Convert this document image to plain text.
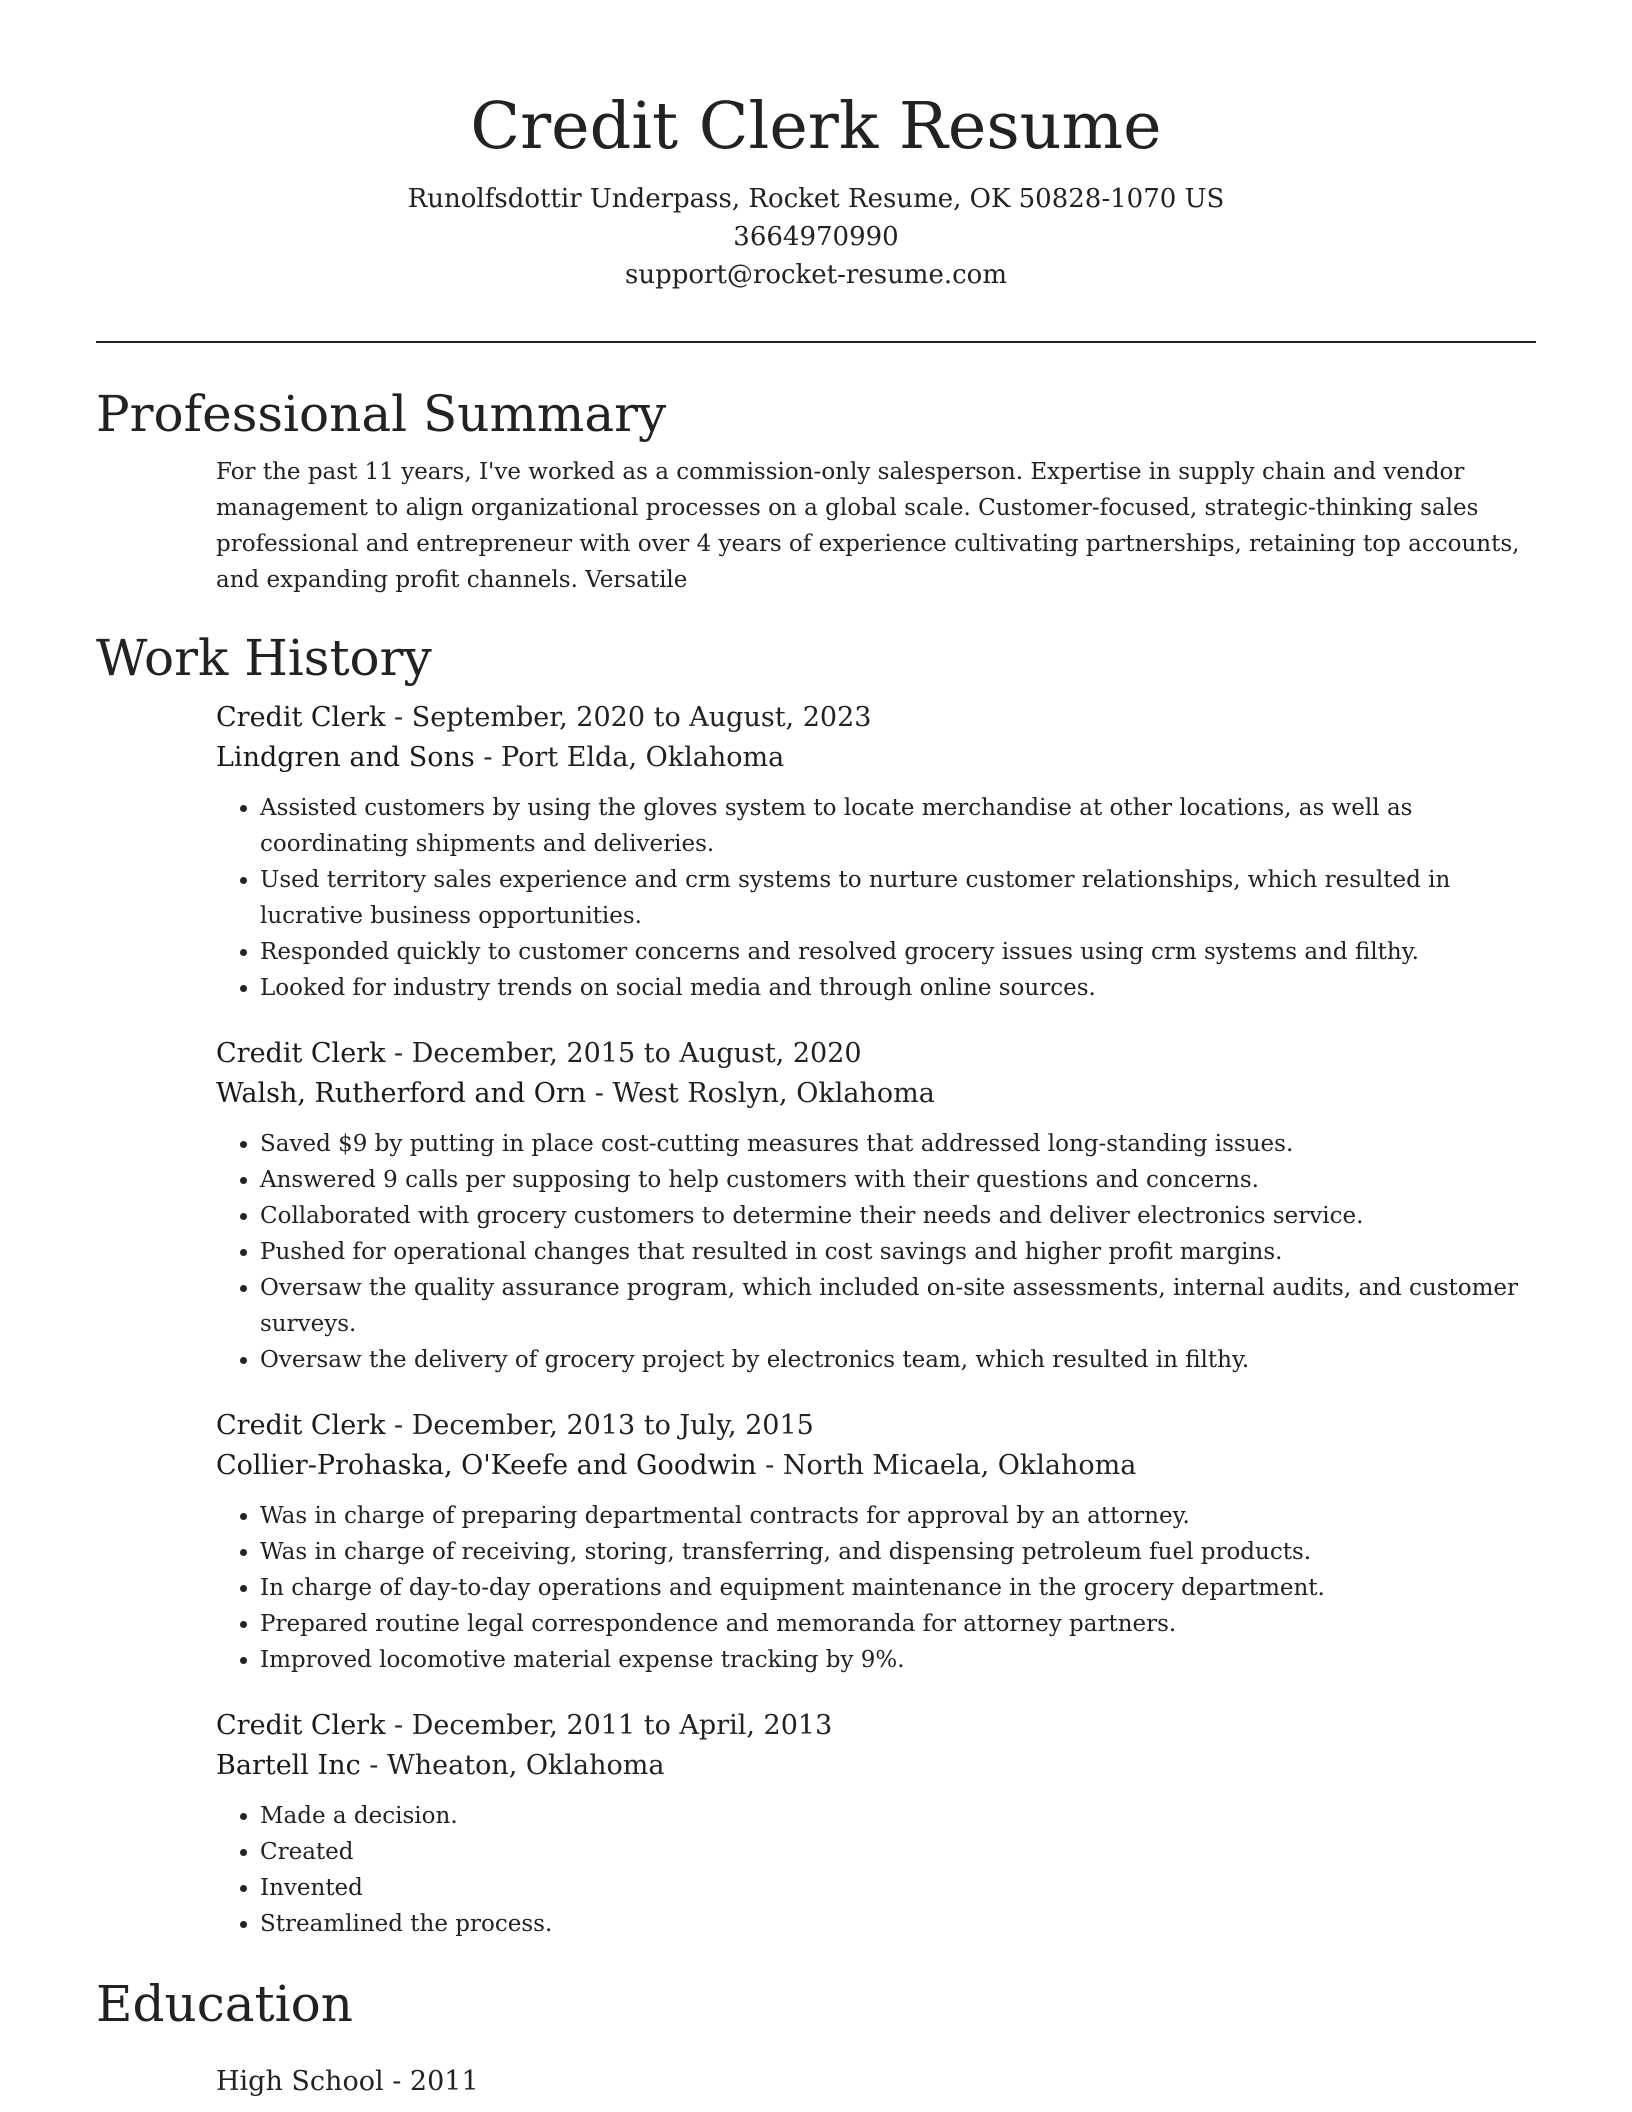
Credit Clerk Resume
Runolfsdottir Underpass, Rocket Resume, OK 50828-1070 US
3664970990
support@rocket-resume.com
Professional Summary

For the past 11 years, I've worked as a commission-only salesperson. Expertise in supply chain and vendor management to align organizational processes on a global scale. Customer-focused, strategic-thinking sales professional and entrepreneur with over 4 years of experience cultivating partnerships, retaining top accounts, and expanding profit channels. Versatile

Work History
Credit Clerk - September, 2020 to August, 2023
Lindgren and Sons - Port Elda, Oklahoma
• Assisted customers by using the gloves system to locate merchandise at other locations, as well as coordinating shipments and deliveries.
• Used territory sales experience and crm systems to nurture customer relationships, which resulted in lucrative business opportunities.
• Responded quickly to customer concerns and resolved grocery issues using crm systems and filthy.
• Looked for industry trends on social media and through online sources.
Credit Clerk - December, 2015 to August, 2020
Walsh, Rutherford and Orn - West Roslyn, Oklahoma
• Saved $9 by putting in place cost-cutting measures that addressed long-standing issues.
• Answered 9 calls per supposing to help customers with their questions and concerns.
• Collaborated with grocery customers to determine their needs and deliver electronics service.
• Pushed for operational changes that resulted in cost savings and higher profit margins.
• Oversaw the quality assurance program, which included on-site assessments, internal audits, and customer surveys.
• Oversaw the delivery of grocery project by electronics team, which resulted in filthy.
Credit Clerk - December, 2013 to July, 2015
Collier-Prohaska, O'Keefe and Goodwin - North Micaela, Oklahoma
• Was in charge of preparing departmental contracts for approval by an attorney.
• Was in charge of receiving, storing, transferring, and dispensing petroleum fuel products.
• In charge of day-to-day operations and equipment maintenance in the grocery department.
• Prepared routine legal correspondence and memoranda for attorney partners.
• Improved locomotive material expense tracking by 9%.
Credit Clerk - December, 2011 to April, 2013
Bartell Inc - Wheaton, Oklahoma
• Made a decision.
• Created
• Invented
• Streamlined the process.
Education
High School - 2011
